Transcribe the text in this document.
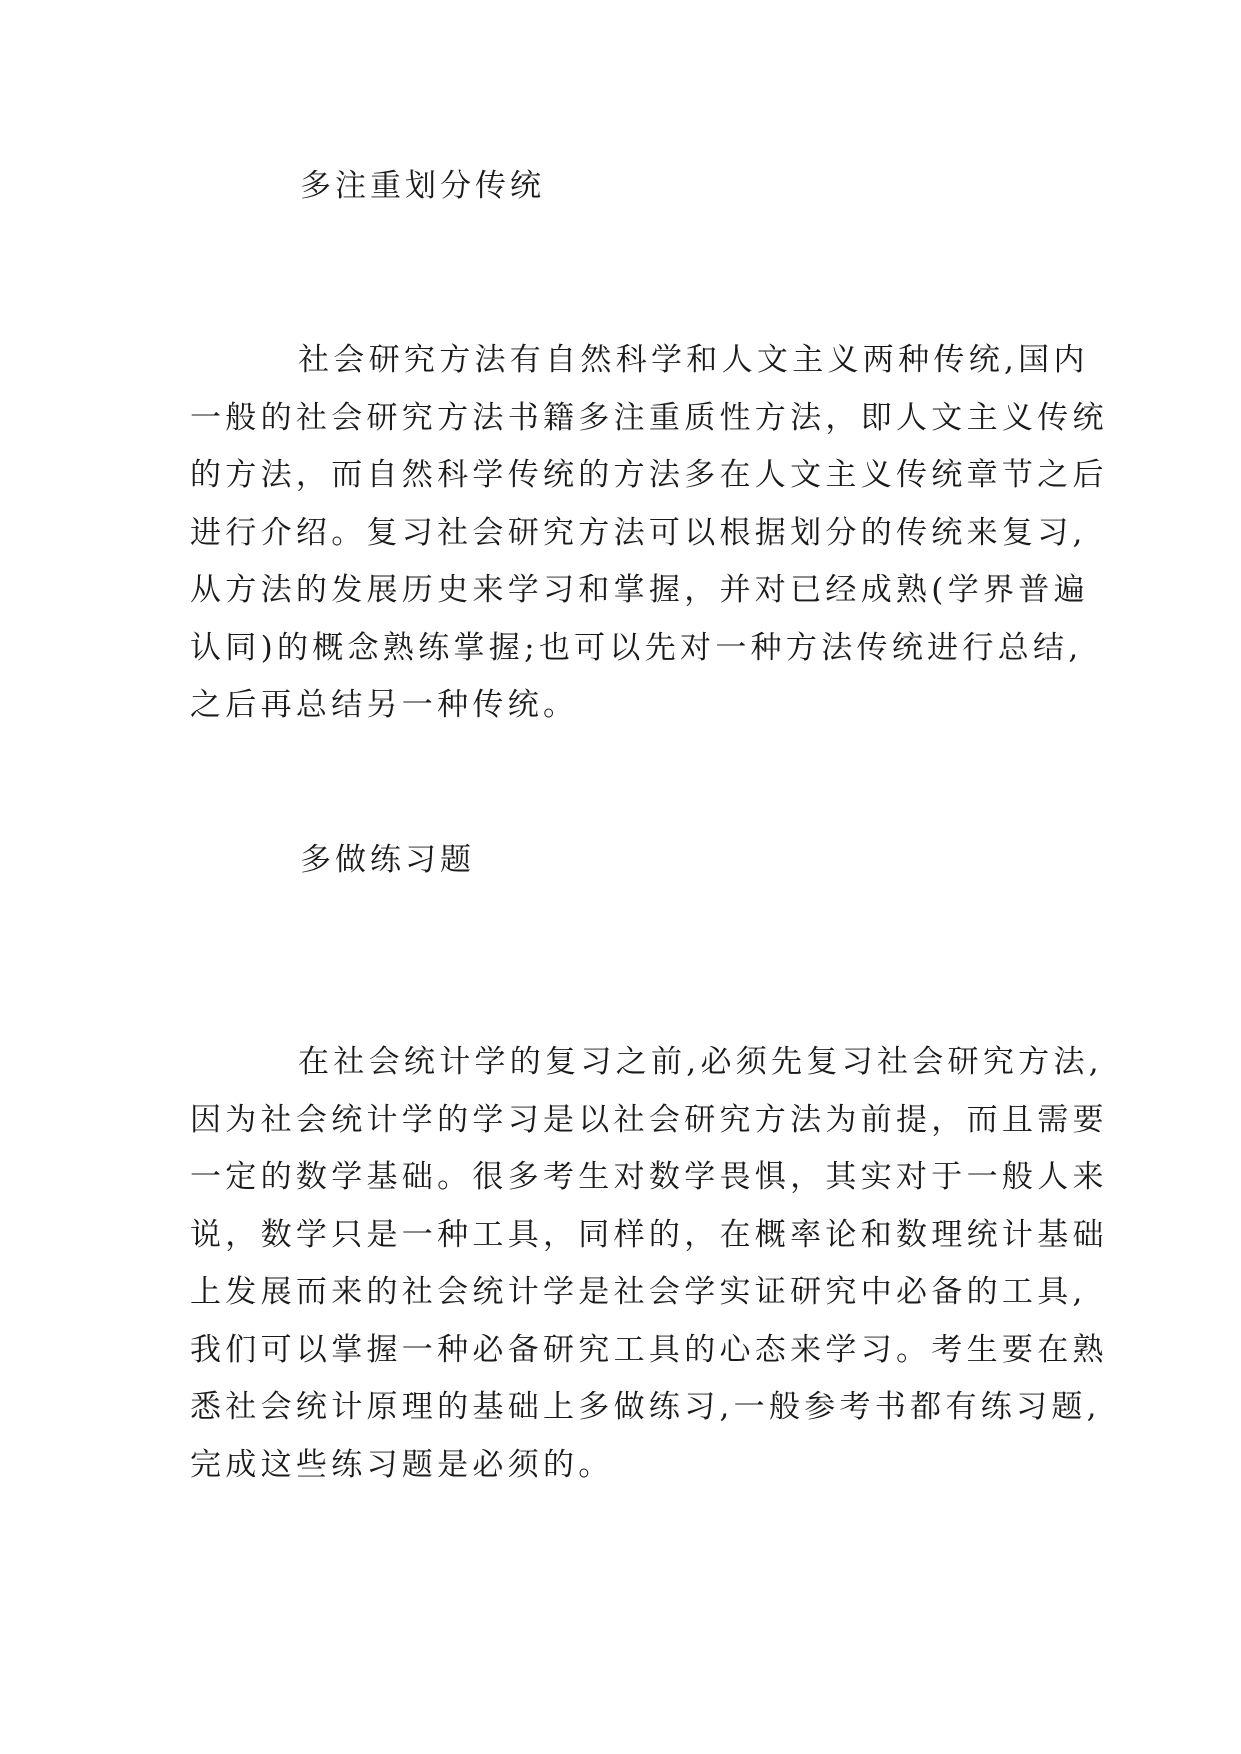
多注重划分传统
社会研究方法有自然科学和人文主义两种传统,国内
一般的社会研究方法书籍多注重质性方法，即人文主义传统
的方法，而自然科学传统的方法多在人文主义传统章节之后
进行介绍。复习社会研究方法可以根据划分的传统来复习,
从方法的发展历史来学习和掌握，并对已经成熟(学界普遍
认同)的概念熟练掌握;也可以先对一种方法传统进行总结,
之后再总结另一种传统。
多做练习题
在社会统计学的复习之前,必须先复习社会研究方法,
因为社会统计学的学习是以社会研究方法为前提，而且需要
一定的数学基础。很多考生对数学畏惧，其实对于一般人来
说，数学只是一种工具，同样的，在概率论和数理统计基础
上发展而来的社会统计学是社会学实证研究中必备的工具,
我们可以掌握一种必备研究工具的心态来学习。考生要在熟
悉社会统计原理的基础上多做练习,一般参考书都有练习题,
完成这些练习题是必须的。
